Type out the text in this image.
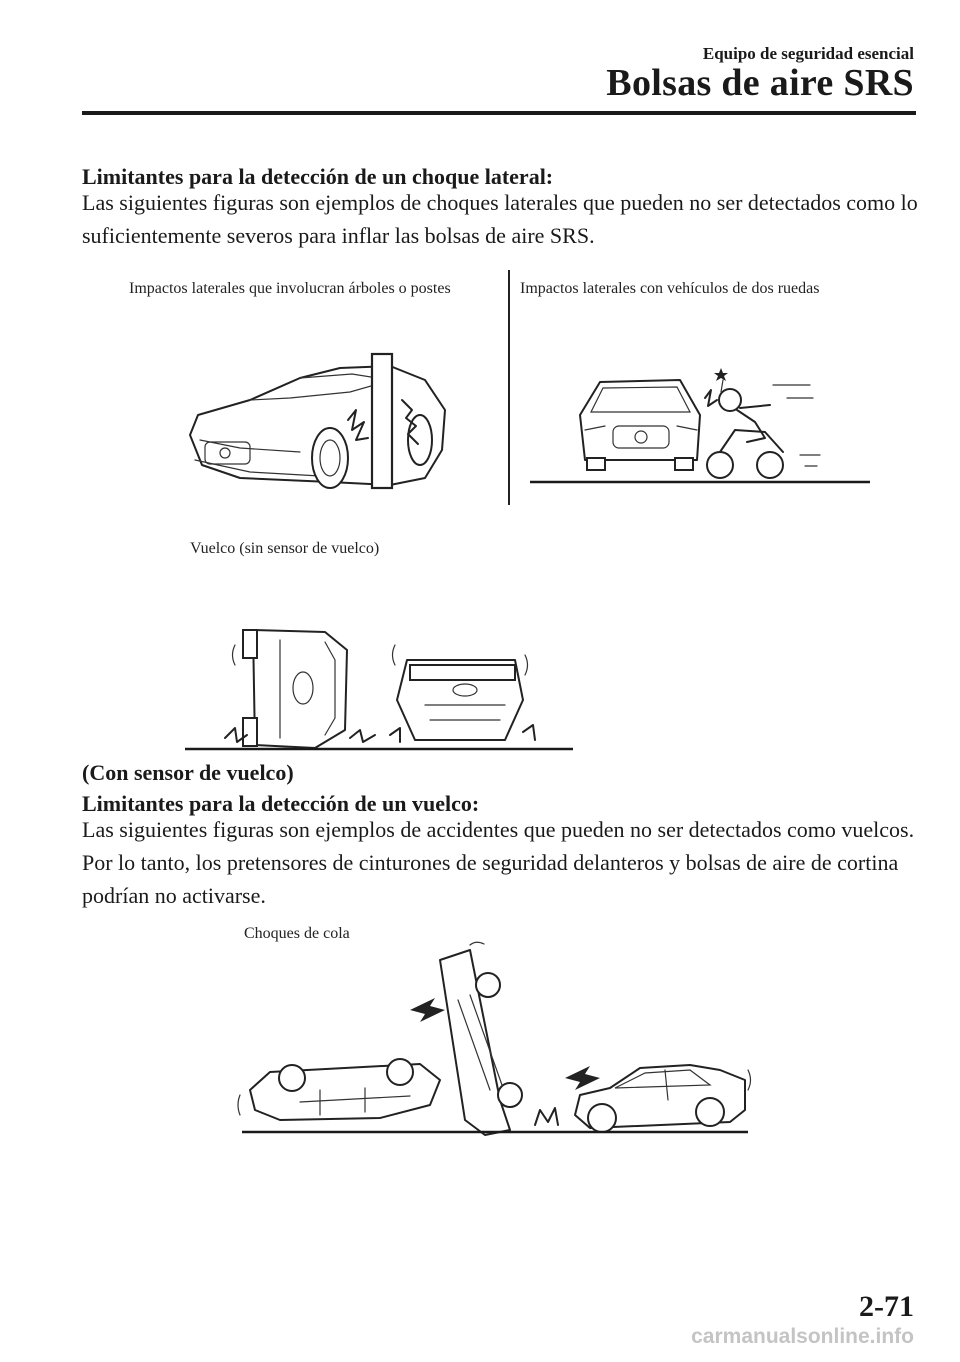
Equipo de seguridad esencial
Bolsas de aire SRS
Limitantes para la detección de un choque lateral:
Las siguientes figuras son ejemplos de choques laterales que pueden no ser detectados como lo suficientemente severos para inflar las bolsas de aire SRS.
Impactos laterales que involucran árboles o postes	Impactos laterales con vehículos de dos ruedas
Vuelco (sin sensor de vuelco)
(Con sensor de vuelco)
Limitantes para la detección de un vuelco:
Las siguientes figuras son ejemplos de accidentes que pueden no ser detectados como vuelcos. Por lo tanto, los pretensores de cinturones de seguridad delanteros y bolsas de aire de cortina podrían no activarse.
Choques de cola
2-71
carmanualsonline.info
